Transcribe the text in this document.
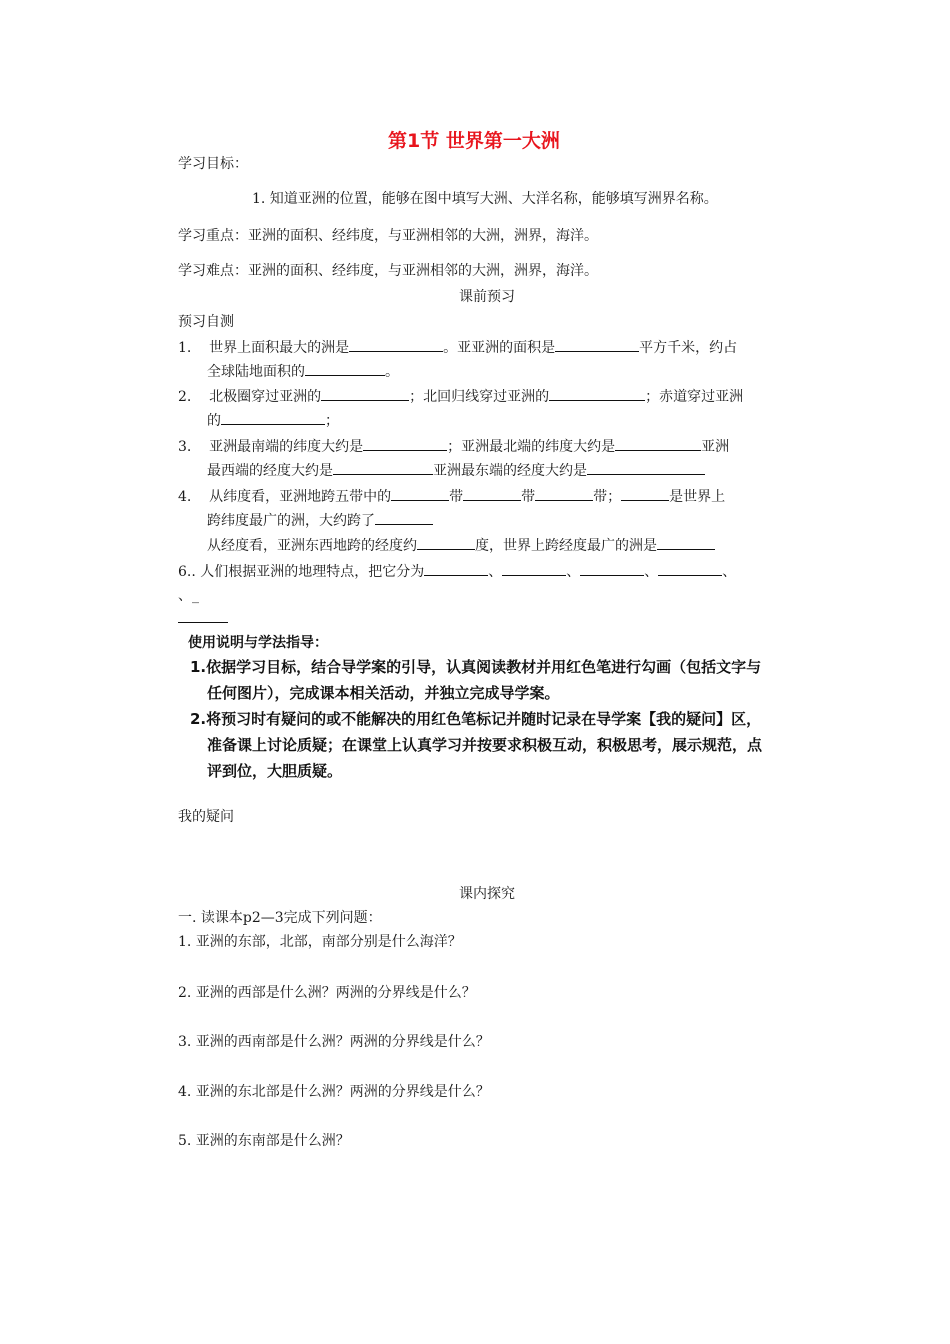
第1节 世界第一大洲
学习目标：
1. 知道亚洲的位置，能够在图中填写大洲、大洋名称，能够填写洲界名称。
学习重点：亚洲的面积、经纬度，与亚洲相邻的大洲，洲界，海洋。
学习难点：亚洲的面积、经纬度，与亚洲相邻的大洲，洲界，海洋。
课前预习
预习自测
1. 世界上面积最大的洲是	。亚亚洲的面积是	平方千米，约占
全球陆地面积的	。
2. 北极圈穿过亚洲的	；北回归线穿过亚洲的	；赤道穿过亚洲
的	；
3. 亚洲最南端的纬度大约是	；亚洲最北端的纬度大约是	亚洲
最西端的经度大约是	亚洲最东端的经度大约是
4. 从纬度看，亚洲地跨五带中的	带	带	带；	是世界上
跨纬度最广的洲，大约跨了
从经度看，亚洲东西地跨的经度约	度，世界上跨经度最广的洲是
6.. 人们根据亚洲的地理特点，把它分为	、	、	、	、
、_
使用说明与学法指导：
1.依据学习目标，结合导学案的引导，认真阅读教材并用红色笔进行勾画（包括文字与
任何图片），完成课本相关活动，并独立完成导学案。
2.将预习时有疑问的或不能解决的用红色笔标记并随时记录在导学案【我的疑问】区，
准备课上讨论质疑；在课堂上认真学习并按要求积极互动，积极思考，展示规范，点
评到位，大胆质疑。
我的疑问
课内探究
一. 读课本p2—3完成下列问题：
1. 亚洲的东部，北部，南部分别是什么海洋？
2. 亚洲的西部是什么洲？两洲的分界线是什么？
3. 亚洲的西南部是什么洲？两洲的分界线是什么？
4. 亚洲的东北部是什么洲？两洲的分界线是什么？
5. 亚洲的东南部是什么洲？
